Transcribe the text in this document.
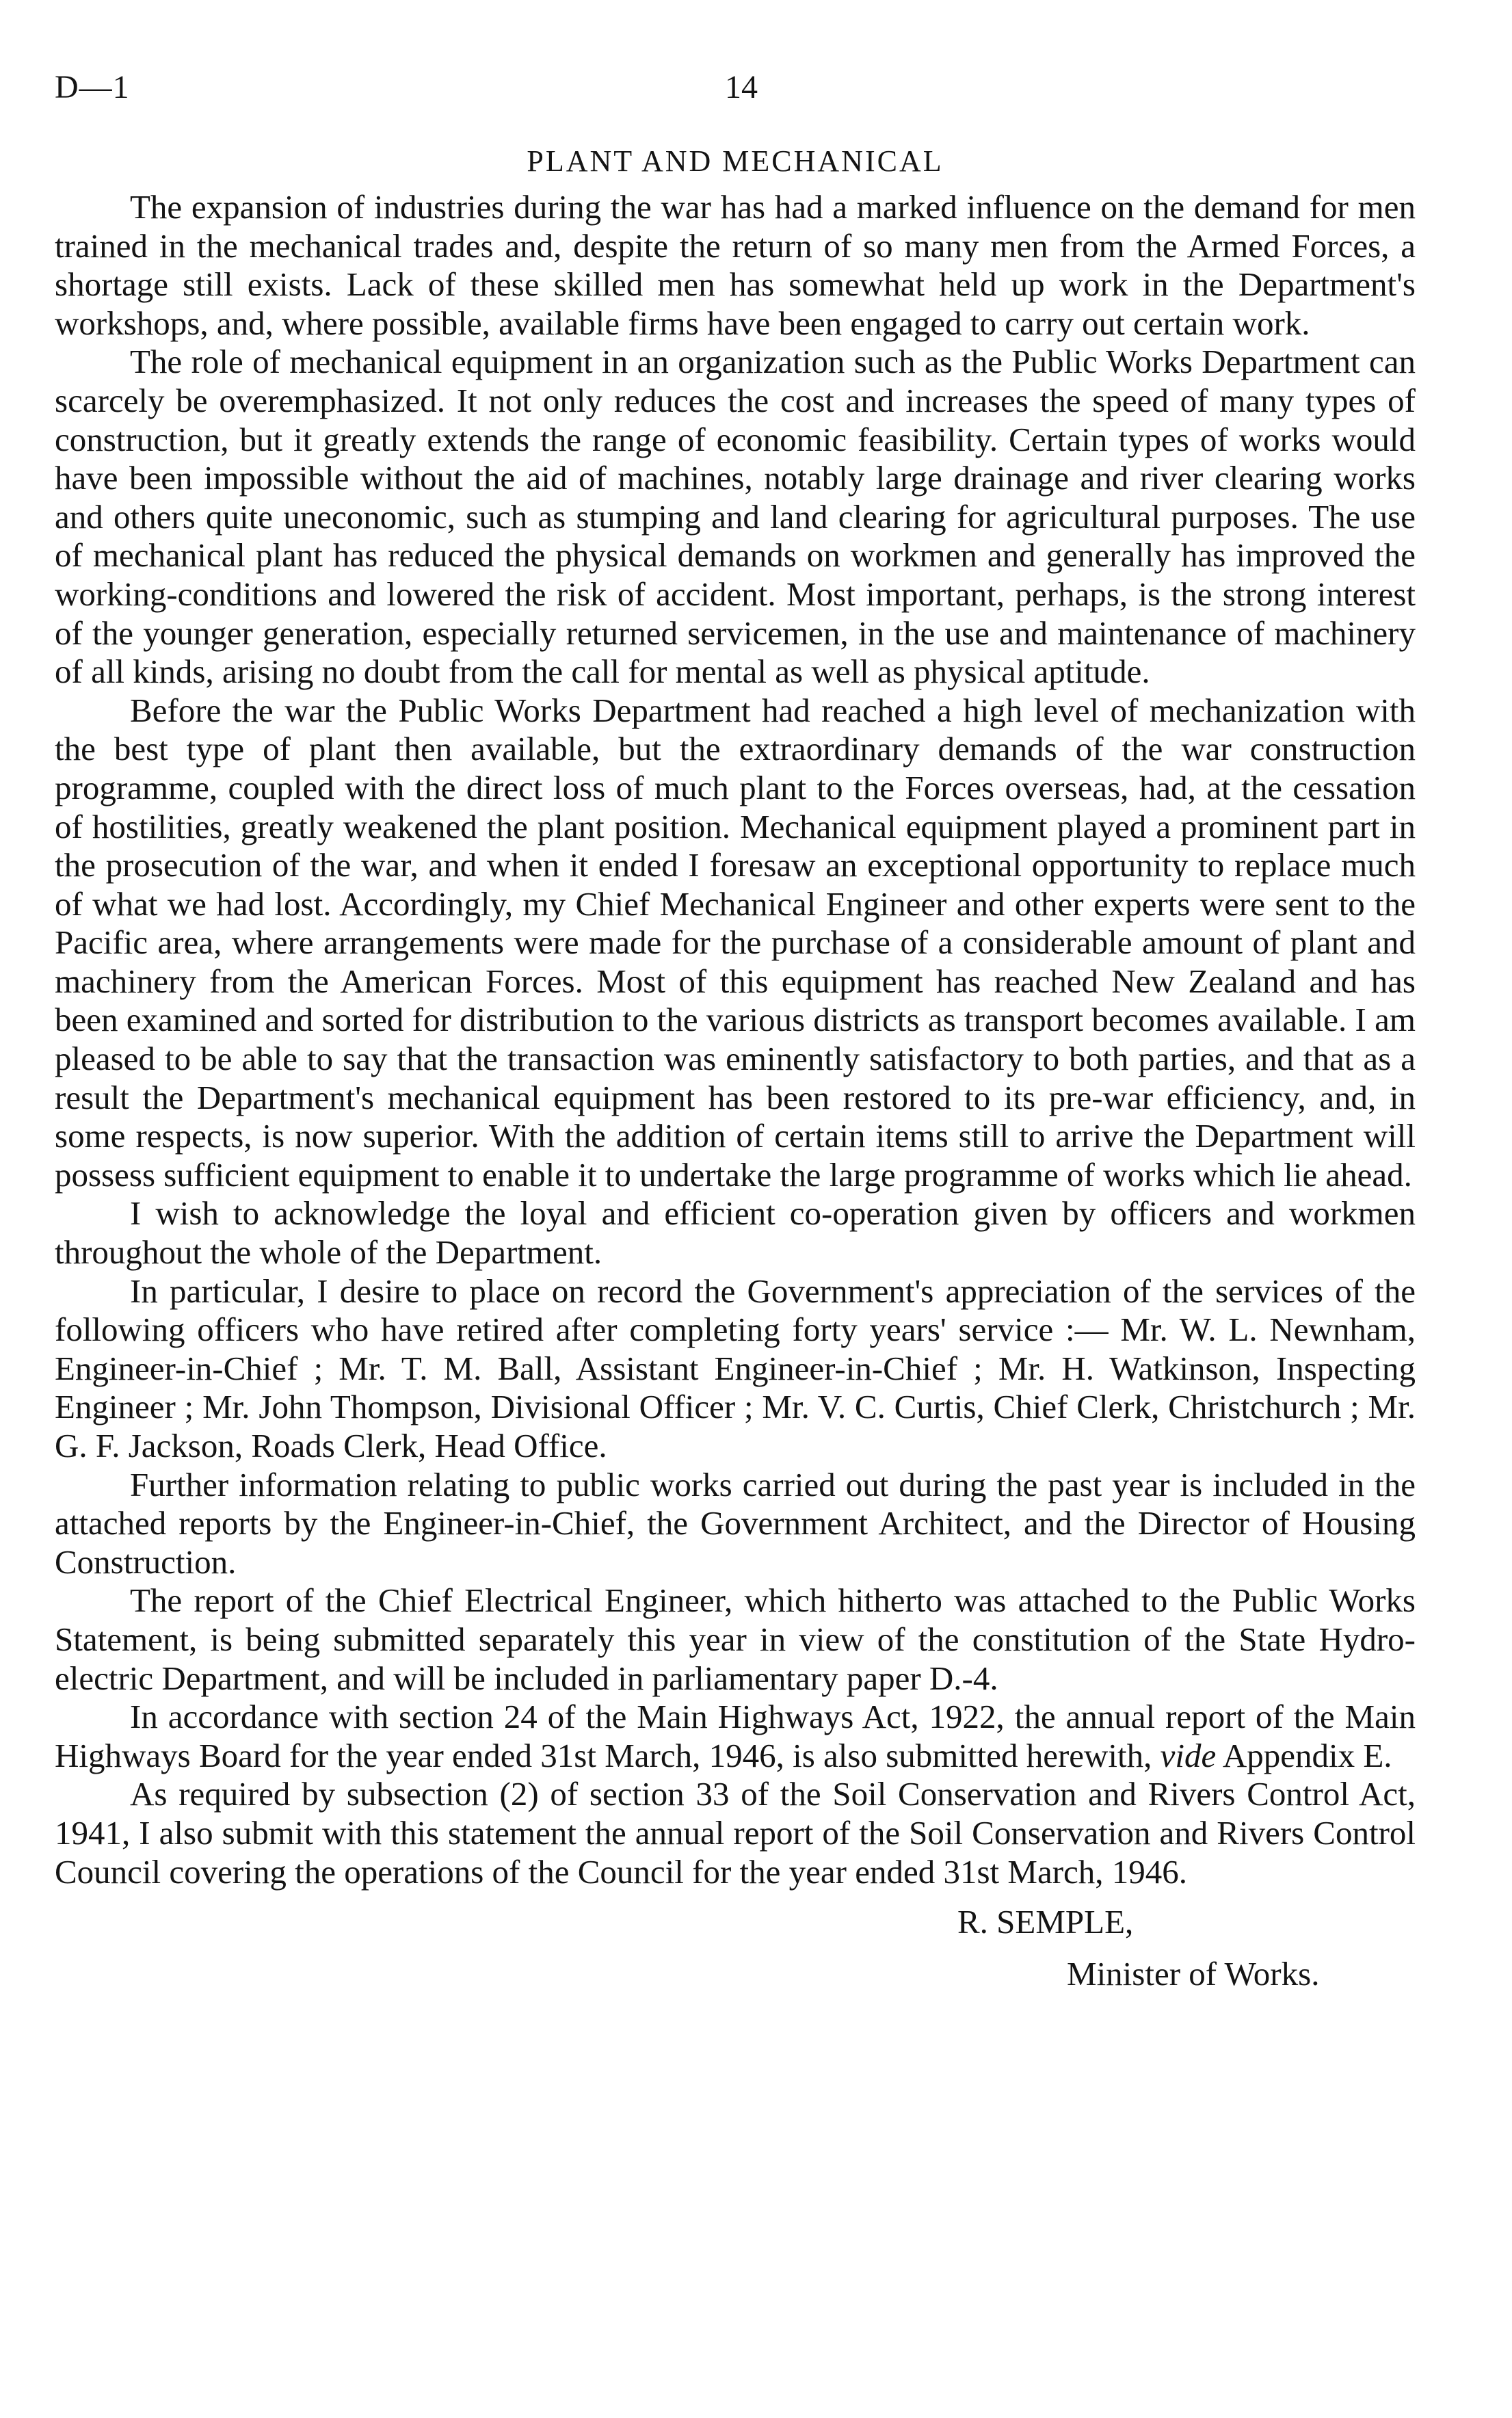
D—1	14
PLANT AND MECHANICAL

The expansion of industries during the war has had a marked influence on the demand for men trained in the mechanical trades and, despite the return of so many men from the Armed Forces, a shortage still exists. Lack of these skilled men has somewhat held up work in the Department's workshops, and, where possible, available firms have been engaged to carry out certain work.

The role of mechanical equipment in an organization such as the Public Works Department can scarcely be overemphasized. It not only reduces the cost and increases the speed of many types of construction, but it greatly extends the range of economic feasibility. Certain types of works would have been impossible without the aid of machines, notably large drainage and river clearing works and others quite uneconomic, such as stumping and land clearing for agricultural purposes. The use of mechanical plant has reduced the physical demands on workmen and generally has improved the working-conditions and lowered the risk of accident. Most important, perhaps, is the strong interest of the younger generation, especially returned servicemen, in the use and maintenance of machinery of all kinds, arising no doubt from the call for mental as well as physical aptitude.

Before the war the Public Works Department had reached a high level of mechanization with the best type of plant then available, but the extraordinary demands of the war construction programme, coupled with the direct loss of much plant to the Forces overseas, had, at the cessation of hostilities, greatly weakened the plant position. Mechanical equipment played a prominent part in the prosecution of the war, and when it ended I foresaw an exceptional opportunity to replace much of what we had lost. Accordingly, my Chief Mechanical Engineer and other experts were sent to the Pacific area, where arrangements were made for the purchase of a considerable amount of plant and machinery from the American Forces. Most of this equipment has reached New Zealand and has been examined and sorted for distribution to the various districts as transport becomes available. I am pleased to be able to say that the transaction was eminently satisfactory to both parties, and that as a result the Department's mechanical equipment has been restored to its pre-war efficiency, and, in some respects, is now superior. With the addition of certain items still to arrive the Department will possess sufficient equipment to enable it to undertake the large programme of works which lie ahead.

I wish to acknowledge the loyal and efficient co-operation given by officers and workmen throughout the whole of the Department.

In particular, I desire to place on record the Government's appreciation of the services of the following officers who have retired after completing forty years' service :— Mr. W. L. Newnham, Engineer-in-Chief ; Mr. T. M. Ball, Assistant Engineer-in-Chief ; Mr. H. Watkinson, Inspecting Engineer ; Mr. John Thompson, Divisional Officer ; Mr. V. C. Curtis, Chief Clerk, Christchurch ; Mr. G. F. Jackson, Roads Clerk, Head Office.

Further information relating to public works carried out during the past year is included in the attached reports by the Engineer-in-Chief, the Government Architect, and the Director of Housing Construction.

The report of the Chief Electrical Engineer, which hitherto was attached to the Public Works Statement, is being submitted separately this year in view of the constitution of the State Hydro-electric Department, and will be included in parliamentary paper D.-4.

In accordance with section 24 of the Main Highways Act, 1922, the annual report of the Main Highways Board for the year ended 31st March, 1946, is also submitted herewith, vide Appendix E.

As required by subsection (2) of section 33 of the Soil Conservation and Rivers Control Act, 1941, I also submit with this statement the annual report of the Soil Conservation and Rivers Control Council covering the operations of the Council for the year ended 31st March, 1946.

R. SEMPLE,
Minister of Works.
